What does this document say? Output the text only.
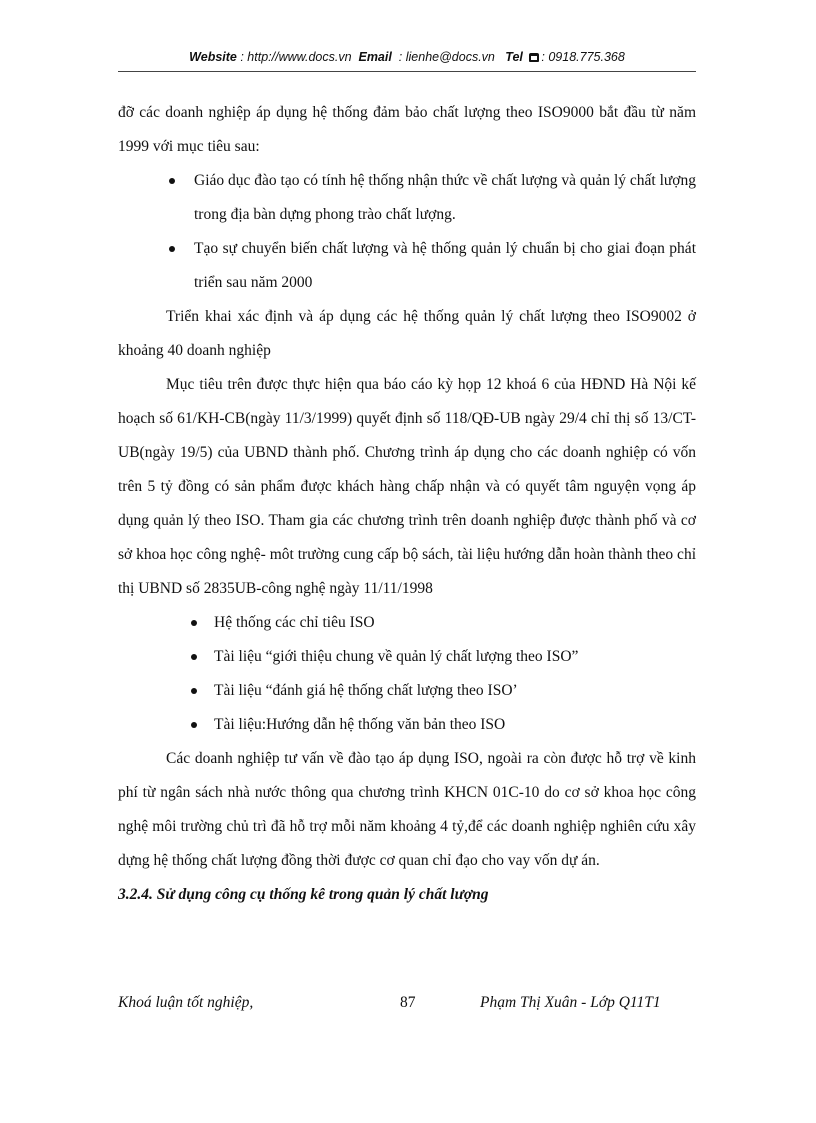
Website : http://www.docs.vn Email : lienhe@docs.vn Tel : 0918.775.368

đỡ các doanh nghiệp áp dụng hệ thống đảm bảo chất lượng theo ISO9000 bắt đầu từ năm 1999 với mục tiêu sau:

Giáo dục đào tạo có tính hệ thống nhận thức về chất lượng và quản lý chất lượng trong địa bàn dựng phong trào chất lượng.
Tạo sự chuyển biến chất lượng và hệ thống quản lý chuẩn bị cho giai đoạn phát triển sau năm 2000

Triển khai xác định và áp dụng các hệ thống quản lý chất lượng theo ISO9002 ở khoảng 40 doanh nghiệp

Mục tiêu trên được thực hiện qua báo cáo kỳ họp 12 khoá 6 của HĐND Hà Nội kế hoạch số 61/KH-CB(ngày 11/3/1999) quyết định số 118/QĐ-UB ngày 29/4 chỉ thị số 13/CT-UB(ngày 19/5) của UBND thành phố. Chương trình áp dụng cho các doanh nghiệp có vốn trên 5 tỷ đồng có sản phẩm được khách hàng chấp nhận và có quyết tâm nguyện vọng áp dụng quản lý theo ISO. Tham gia các chương trình trên doanh nghiệp được thành phố và cơ sở khoa học công nghệ- môt trường cung cấp bộ sách, tài liệu hướng dẫn hoàn thành theo chỉ thị UBND số 2835UB-công nghệ ngày 11/11/1998

Hệ thống các chỉ tiêu ISO
Tài liệu “giới thiệu chung về quản lý chất lượng theo ISO”
Tài liệu “đánh giá hệ thống chất lượng theo ISO’
Tài liệu:Hướng dẫn hệ thống văn bản theo ISO

Các doanh nghiệp tư vấn về đào tạo áp dụng ISO, ngoài ra còn được hỗ trợ về kinh phí từ ngân sách nhà nước thông qua chương trình KHCN 01C-10 do cơ sở khoa học công nghệ môi trường chủ trì đã hỗ trợ mỗi năm khoảng 4 tỷ,để các doanh nghiệp nghiên cứu xây dựng hệ thống chất lượng đồng thời được cơ quan chỉ đạo cho vay vốn dự án.

3.2.4. Sử dụng công cụ thống kê trong quản lý chất lượng

Khoá luận tốt nghiệp,	87	Phạm Thị Xuân - Lớp Q11T1
